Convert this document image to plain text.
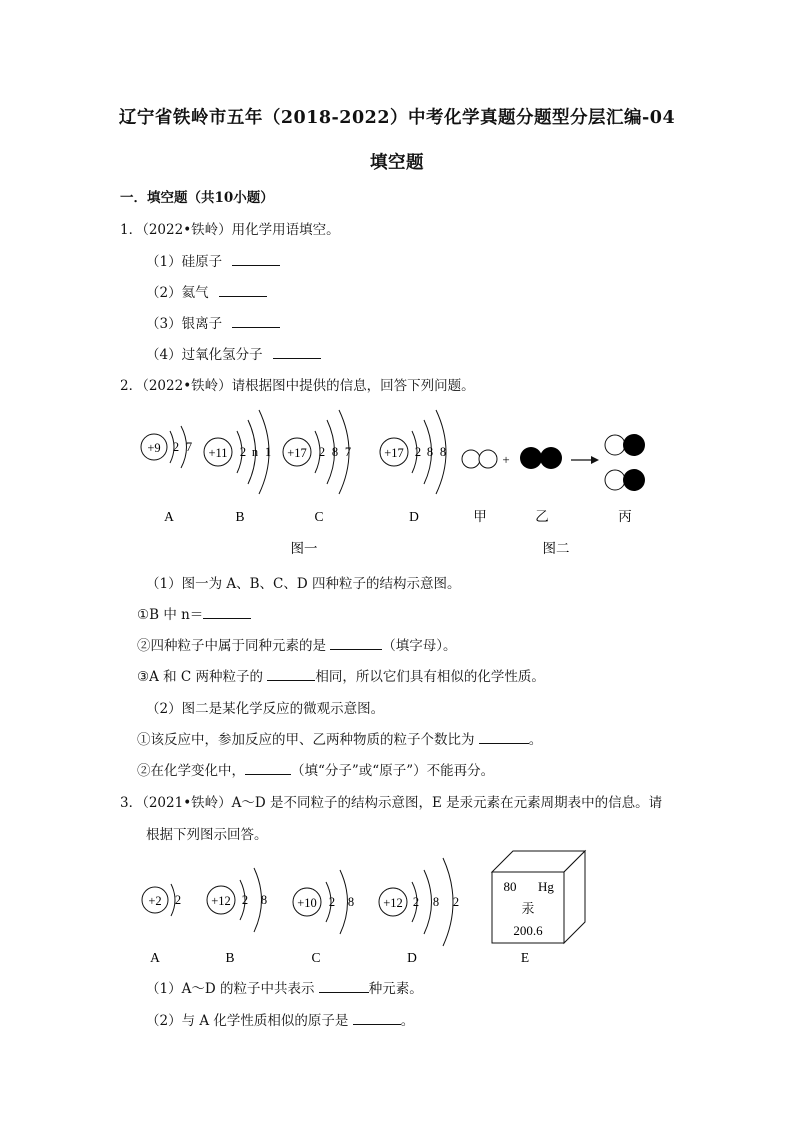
辽宁省铁岭市五年（2018-2022）中考化学真题分题型分层汇编-04
填空题
一．填空题（共10小题）
1．（2022•铁岭）用化学用语填空。
（1）硅原子
（2）氦气
（3）银离子
（4）过氧化氢分子
2．（2022•铁岭）请根据图中提供的信息，回答下列问题。
+9 2 7 +11 2 n 1 +17 2 8 7	+17 2 8 8	+
A	B	C	D	甲	乙	丙
图一	图二
+2 2 +12 2 8 +10 2 8 +12 2 8 2
80 Hg
汞
200.6
A	B	C	D	E
（1）图一为 A、B、C、D 四种粒子的结构示意图。
①B 中 n＝
②四种粒子中属于同种元素的是	（填字母）。
③A 和 C 两种粒子的	相同，所以它们具有相似的化学性质。
（2）图二是某化学反应的微观示意图。
①该反应中，参加反应的甲、乙两种物质的粒子个数比为	。
②在化学变化中，	（填“分子”或“原子”）不能再分。
3．（2021•铁岭）A～D 是不同粒子的结构示意图，E 是汞元素在元素周期表中的信息。请
根据下列图示回答。
（1）A～D 的粒子中共表示	种元素。
（2）与 A 化学性质相似的原子是	。
